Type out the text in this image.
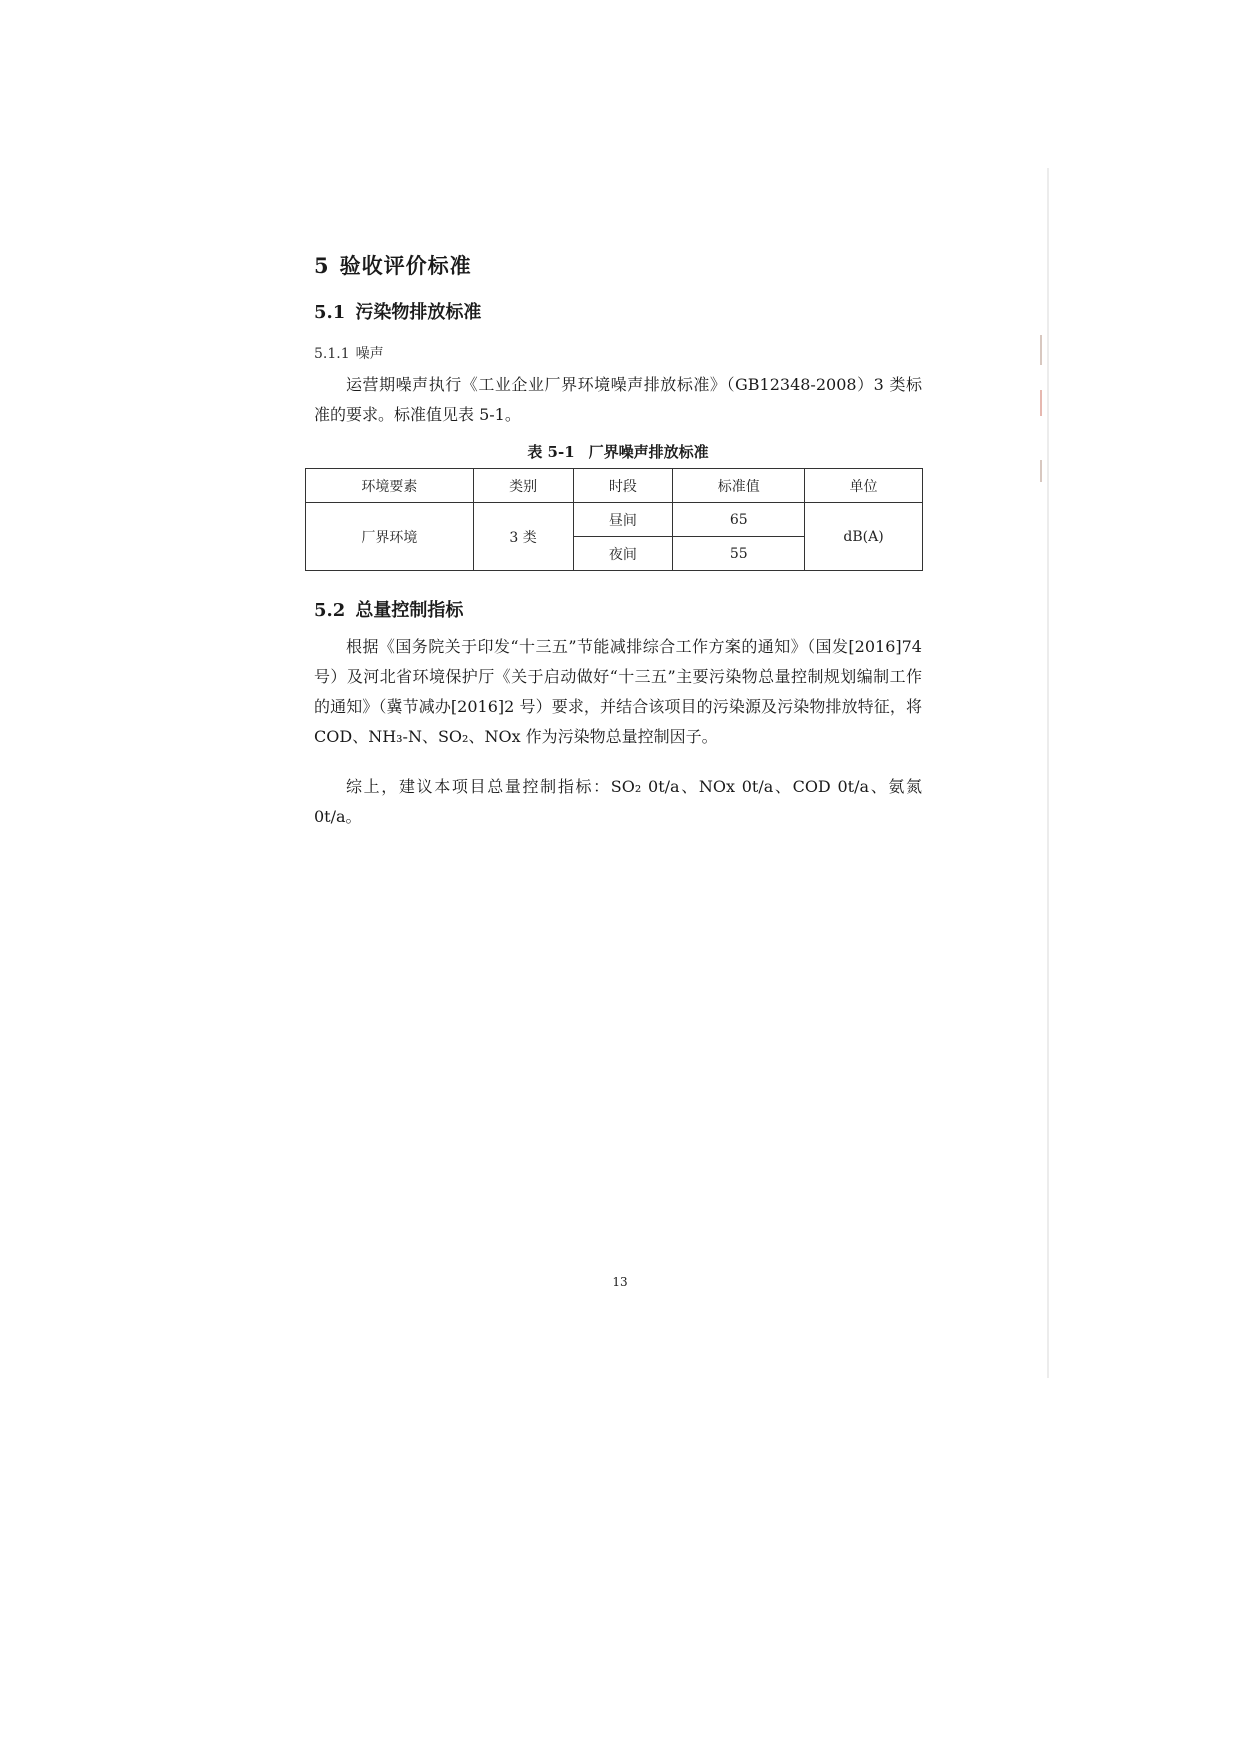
5 验收评价标准
5.1 污染物排放标准
5.1.1 噪声
运营期噪声执行《工业企业厂界环境噪声排放标准》（GB12348-2008）3 类标准的要求。标准值见表 5-1。
表 5-1 厂界噪声排放标准
环境要素	类别	时段	标准值	单位
厂界环境	3 类	昼间	65	dB(A)
		夜间	55	
5.2 总量控制指标
根据《国务院关于印发“十三五”节能减排综合工作方案的通知》（国发[2016]74 号）及河北省环境保护厅《关于启动做好“十三五”主要污染物总量控制规划编制工作的通知》（冀节减办[2016]2 号）要求，并结合该项目的污染源及污染物排放特征，将 COD、NH₃-N、SO₂、NOx 作为污染物总量控制因子。
综上，建议本项目总量控制指标：SO₂ 0t/a、NOx 0t/a、COD 0t/a、氨氮 0t/a。
13
